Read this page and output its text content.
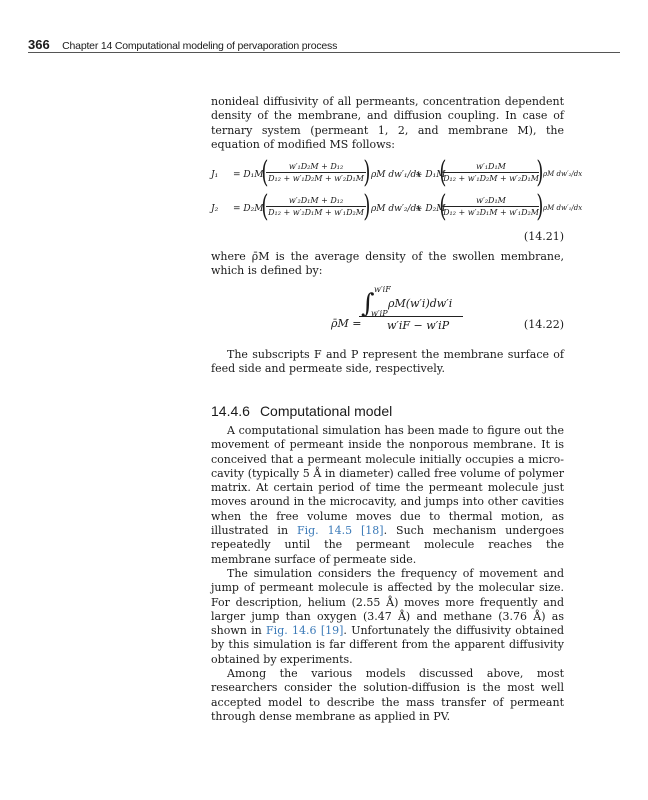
366 Chapter 14 Computational modeling of pervaporation process

nonideal diffusivity of all permeants, concentration dependent density of the membrane, and diffusion coupling. In case of ternary system (permeant 1, 2, and membrane M), the equation of modified MS follows:

J₁ = D₁M
(
$\frac{\text{w′₁D₂M + D₁₂}}{\text{D₁₂ + w′₁D₂M + w′₂D₁M}}$
) ρM dw′₁/dx
+ D₁M
(
$\frac{\text{w′₁D₁M}}{\text{D₁₂ + w′₁D₂M + w′₂D₁M}}$
) ρM dw′₂/dx
J₂ = D₂M
(
$\frac{\text{w′₂D₁M + D₁₂}}{\text{D₁₂ + w′₂D₁M + w′₁D₂M}}$
) ρM dw′₂/dx
+ D₂M
(
$\frac{\text{w′₂D₁M}}{\text{D₁₂ + w′₂D₁M + w′₁D₂M}}$
) ρM dw′₁/dx
(14.21)

where ρ̄M is the average density of the swollen membrane, which is defined by:

ρ̄M =
∫ w′iF
w′iP
ρM(w′i)dw′i
w′iF − w′iP	(14.22)

The subscripts F and P represent the membrane surface of feed side and permeate side, respectively.

14.4.6 Computational model

A computational simulation has been made to figure out the movement of permeant inside the nonporous membrane. It is conceived that a permeant molecule initially occupies a micro-cavity (typically 5 Å in diameter) called free volume of polymer matrix. At certain period of time the permeant molecule just moves around in the microcavity, and jumps into other cavities when the free volume moves due to thermal motion, as illustrated in Fig. 14.5 [18]. Such mechanism undergoes repeatedly until the permeant molecule reaches the membrane surface of permeate side.

The simulation considers the frequency of movement and jump of permeant molecule is affected by the molecular size. For description, helium (2.55 Å) moves more frequently and larger jump than oxygen (3.47 Å) and methane (3.76 Å) as shown in Fig. 14.6 [19]. Unfortunately the diffusivity obtained by this simulation is far different from the apparent diffusivity obtained by experiments.

Among the various models discussed above, most researchers consider the solution-diffusion is the most well accepted model to describe the mass transfer of permeant through dense membrane as applied in PV.
